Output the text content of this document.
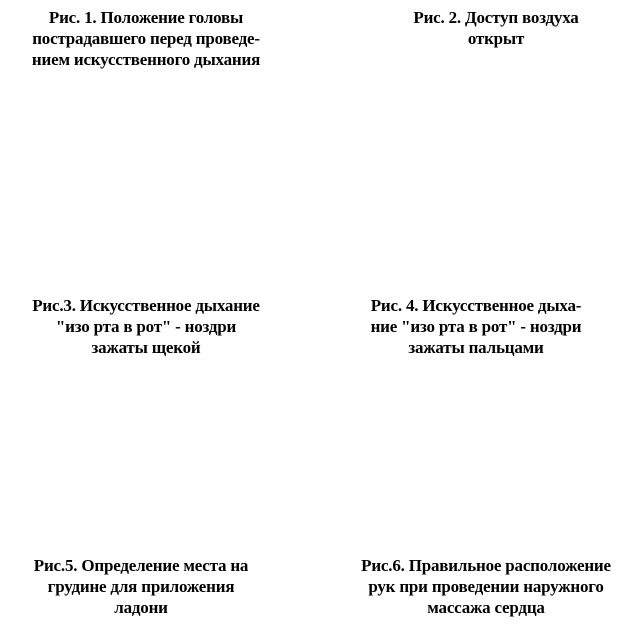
Рис. 1. Положение головы
пострадавшего перед проведе-
нием искусственного дыхания
Рис. 2. Доступ воздуха
открыт
Рис.3. Искусственное дыхание
"изо рта в рот" - ноздри
зажаты щекой
Рис. 4. Искусственное дыха-
ние "изо рта в рот" - ноздри
зажаты пальцами
Рис.5. Определение места на
грудине для приложения
ладони
Рис.6. Правильное расположение
рук при проведении наружного
массажа сердца
